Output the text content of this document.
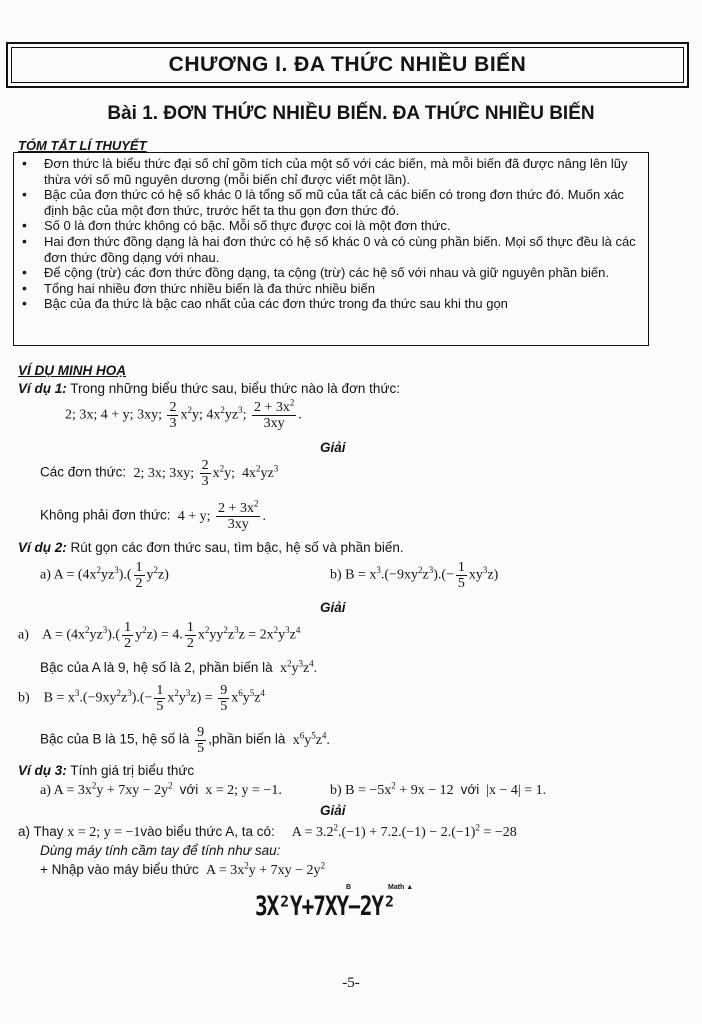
CHƯƠNG I. ĐA THỨC NHIỀU BIẾN
Bài 1. ĐƠN THỨC NHIỀU BIẾN. ĐA THỨC NHIỀU BIẾN
TÓM TẮT LÍ THUYẾT
• Đơn thức là biểu thức đại số chỉ gồm tích của một số với các biến, mà mỗi biến đã được nâng lên lũy thừa với số mũ nguyên dương (mỗi biến chỉ được viết một lần).
• Bậc của đơn thức có hệ số khác 0 là tổng số mũ của tất cả các biến có trong đơn thức đó. Muốn xác định bậc của một đơn thức, trước hết ta thu gọn đơn thức đó.
• Số 0 là đơn thức không có bậc. Mỗi số thực được coi là một đơn thức.
• Hai đơn thức đồng dạng là hai đơn thức có hệ số khác 0 và có cùng phần biến. Mọi số thực đều là các đơn thức đồng dạng với nhau.
• Để cộng (trừ) các đơn thức đồng dạng, ta cộng (trừ) các hệ số với nhau và giữ nguyên phần biến.
• Tổng hai nhiều đơn thức nhiều biến là đa thức nhiều biến
• Bậc của đa thức là bậc cao nhất của các đơn thức trong đa thức sau khi thu gọn
VÍ DỤ MINH HOẠ
Ví dụ 1: Trong những biểu thức sau, biểu thức nào là đơn thức:
2; 3x; 4 + y; 3xy; $\frac{2}{3} x^2y$; $4x^2yz^3$; $\frac{2 + 3x^2}{3xy}$ .
Giải
Các đơn thức:  2; 3x; 3xy; $\frac{2}{3} x^2y$;  $4x^2yz^3$
Không phải đơn thức:  4 + y; $\frac{2 + 3x^2}{3xy}$ .
Ví dụ 2: Rút gọn các đơn thức sau, tìm bậc, hệ số và phần biến.
a) $A = (4x^2yz^3).( \frac{1}{2} y^2z)$	b) $B = x^3.(-9xy^2z^3).(- \frac{1}{5} xy^3z)$
Giải
a)    $A = (4x^2yz^3).( \frac{1}{2} y^2z) = 4$. $\frac{1}{2} x^2yy^2z^3z = 2x^2y^3z^4$
Bậc của A là 9, hệ số là 2, phần biến là  $x^2y^3z^4$.
b)    $B = x^3.(-9xy^2z^3).(- \frac{1}{5} x^2y^3z) = \frac{9}{5} x^6y^5z^4$
Bậc của B là 15, hệ số là $\frac{9}{5}$ ,phần biến là  $x^6y^5z^4$.
Ví dụ 3: Tính giá trị biểu thức
a) $A = 3x^2y + 7xy - 2y^2$ với  x = 2; y = −1.	b) $B = -5x^2 + 9x - 12$  với  |x − 4| = 1.
Giải
a) Thay x = 2; y = −1vào biểu thức A, ta có:     $A = 3.2^2.(-1) + 7.2.(-1) - 2.(-1)^2 = -28$
Dùng máy tính cầm tay để tính như sau:
+ Nhập vào máy biểu thức  $A = 3x^2y + 7xy - 2y^2$
B	Math ▲
3X²Y+7XY−2Y²
-5-
